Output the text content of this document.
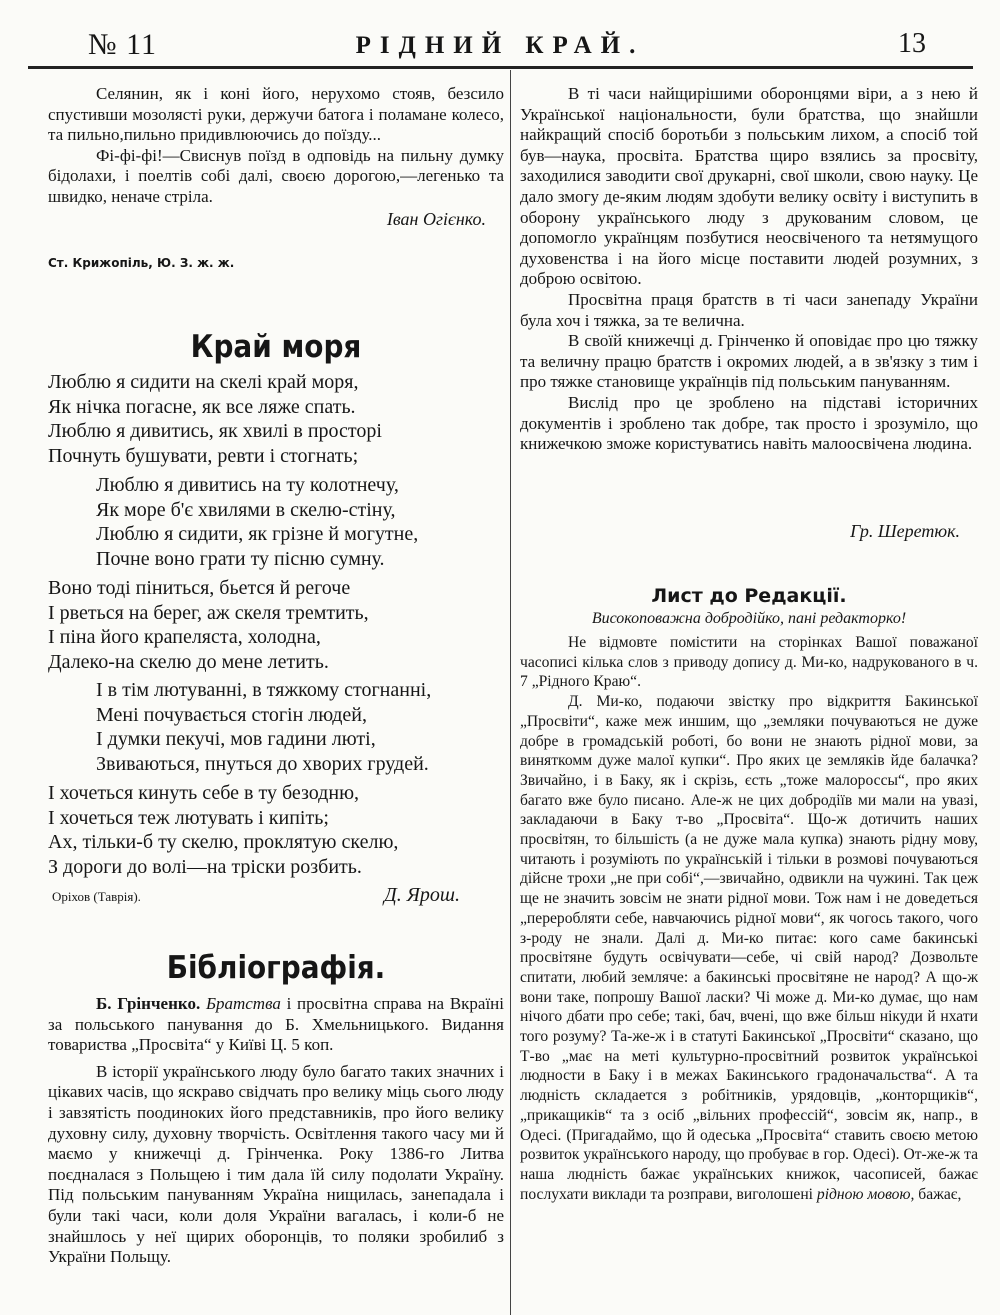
№ 11	РІДНИЙ КРАЙ.	13

Селянин, як і коні його, нерухомо стояв, безсило спустивши мозолясті руки, держучи батога і поламане колесо, та пильно,пильно придивлюючись до поїзду...

Фі-фі-фі!—Свиснув поїзд в одповідь на пильну думку бідолахи, і поелтів собі далі, своєю дорогою,—легенько та швидко, неначе стріла.

Іван Огієнко.
Ст. Крижопіль, Ю. З. ж. ж.
Край моря
Люблю я сидити на скелі край моря,
Як нічка погасне, як все ляже спать.
Люблю я дивитись, як хвилі в просторі
Почнуть бушувати, ревти і стогнать;
Люблю я дивитись на ту колотнечу,
Як море б'є хвилями в скелю-стіну,
Люблю я сидити, як грізне й могутне,
Почне воно грати ту пісню сумну.
Воно тоді піниться, бьется й регоче
І рветься на берег, аж скеля тремтить,
І піна його крапеляста, холодна,
Далеко-на скелю до мене летить.
І в тім лютуванні, в тяжкому стогнанні,
Мені почувається стогін людей,
І думки пекучі, мов гадини люті,
Звиваються, пнуться до хворих грудей.
І хочеться кинуть себе в ту безодню,
І хочеться теж лютувать і кипіть;
Ах, тільки-б ту скелю, проклятую скелю,
З дороги до волі—на тріски розбить.
Оріхов (Таврія).	Д. Ярош.
Бібліографія.

Б. Грінченко. Братства і просвітна справа на Вкраїні за польського панування до Б. Хмельницького. Видання товариства „Просвіта“ у Київі Ц. 5 коп.

В історії українського люду було багато таких значних і цікавих часів, що яскраво свідчать про велику міць сього люду і завзятість поодиноких його представників, про його велику духовну силу, духовну творчість. Освітлення такого часу ми й маємо у книжечці д. Грінченка. Року 1386-го Литва поєдналася з Польщею і тим дала їй силу подолати Україну. Під польським пануванням Україна нищилась, занепадала і були такі часи, коли доля України вагалась, і коли-б не знайшлось у неї щирих оборонців, то поляки зробилиб з України Польщу.

В ті часи найщирішими оборонцями віри, а з нею й Української національности, були братства, що знайшли найкращий спосіб боротьби з польським лихом, а спосіб той був—наука, просвіта. Братства щиро взялись за просвіту, заходилися заводити свої друкарні, свої школи, свою науку. Це дало змогу де-яким людям здобути велику освіту і виступить в оборону українського люду з друкованим словом, це допомогло українцям позбутися неосвіченого та нетямущого духовенства і на його місце поставити людей розумних, з доброю освітою.

Просвітна праця братств в ті часи занепаду України була хоч і тяжка, за те велична.

В своїй книжечці д. Грінченко й оповідає про цю тяжку та величну працю братств і окромих людей, а в зв'язку з тим і про тяжке становище українців під польським пануванням.

Вислід про це зроблено на підставі історичних документів і зроблено так добре, так просто і зрозуміло, що книжечкою зможе користуватись навіть малоосвічена людина.

Гр. Шеретюк.
Лист до Редакції.
Високоповажна добродійко, пані редакторко!

Не відмовте помістити на сторінках Вашої поважаної часописі кілька слов з приводу допису д. Ми-ко, надрукованого в ч. 7 „Рідного Краю“.

Д. Ми-ко, подаючи звістку про відкриття Бакинської „Просвіти“, каже меж иншим, що „земляки почуваються не дуже добре в громадській роботі, бо вони не знають рідної мови, за виняткомм дуже малої купки“. Про яких це земляків йде балачка? Звичайно, і в Баку, як і скрізь, єсть „тоже малороссы“, про яких багато вже було писано. Але-ж не цих добродіїв ми мали на увазі, закладаючи в Баку т-во „Просвіта“. Що-ж дотичить наших просвітян, то більшість (а не дуже мала купка) знають рідну мову, читають і розуміють по українській і тільки в розмові почуваються дійсне трохи „не при собі“,—звичайно, одвикли на чужині. Так цеж ще не значить зовсім не знати рідної мови. Тож нам і не доведеться „переробляти себе, навчаючись рідної мови“, як чогось такого, чого з-роду не знали. Далі д. Ми-ко питає: кого саме бакинські просвітяне будуть освічувати—себе, чі свій народ? Дозвольте спитати, любий земляче: а бакинські просвітяне не народ? А що-ж вони таке, попрошу Вашої ласки? Чі може д. Ми-ко думає, що нам нічого дбати про себе; такі, бач, вчені, що вже більш нікуди й нхати того розуму? Та-же-ж і в статуті Бакинської „Просвіти“ сказано, що Т-во „має на меті культурно-просвітний розвиток українськоі людности в Баку і в межах Бакинського градоначальства“. А та людність складается з робітників, урядовців, „конторщиків“, „прикащиків“ та з осіб „вільних профессій“, зовсім як, напр., в Одесі. (Пригадаймо, що й одеська „Просвіта“ ставить своєю метою розвиток українського народу, що пробуває в гор. Одесі). От-же-ж та наша людність бажає українських книжок, часописей, бажає послухати виклади та розправи, виголошені рідною мовою, бажає,
